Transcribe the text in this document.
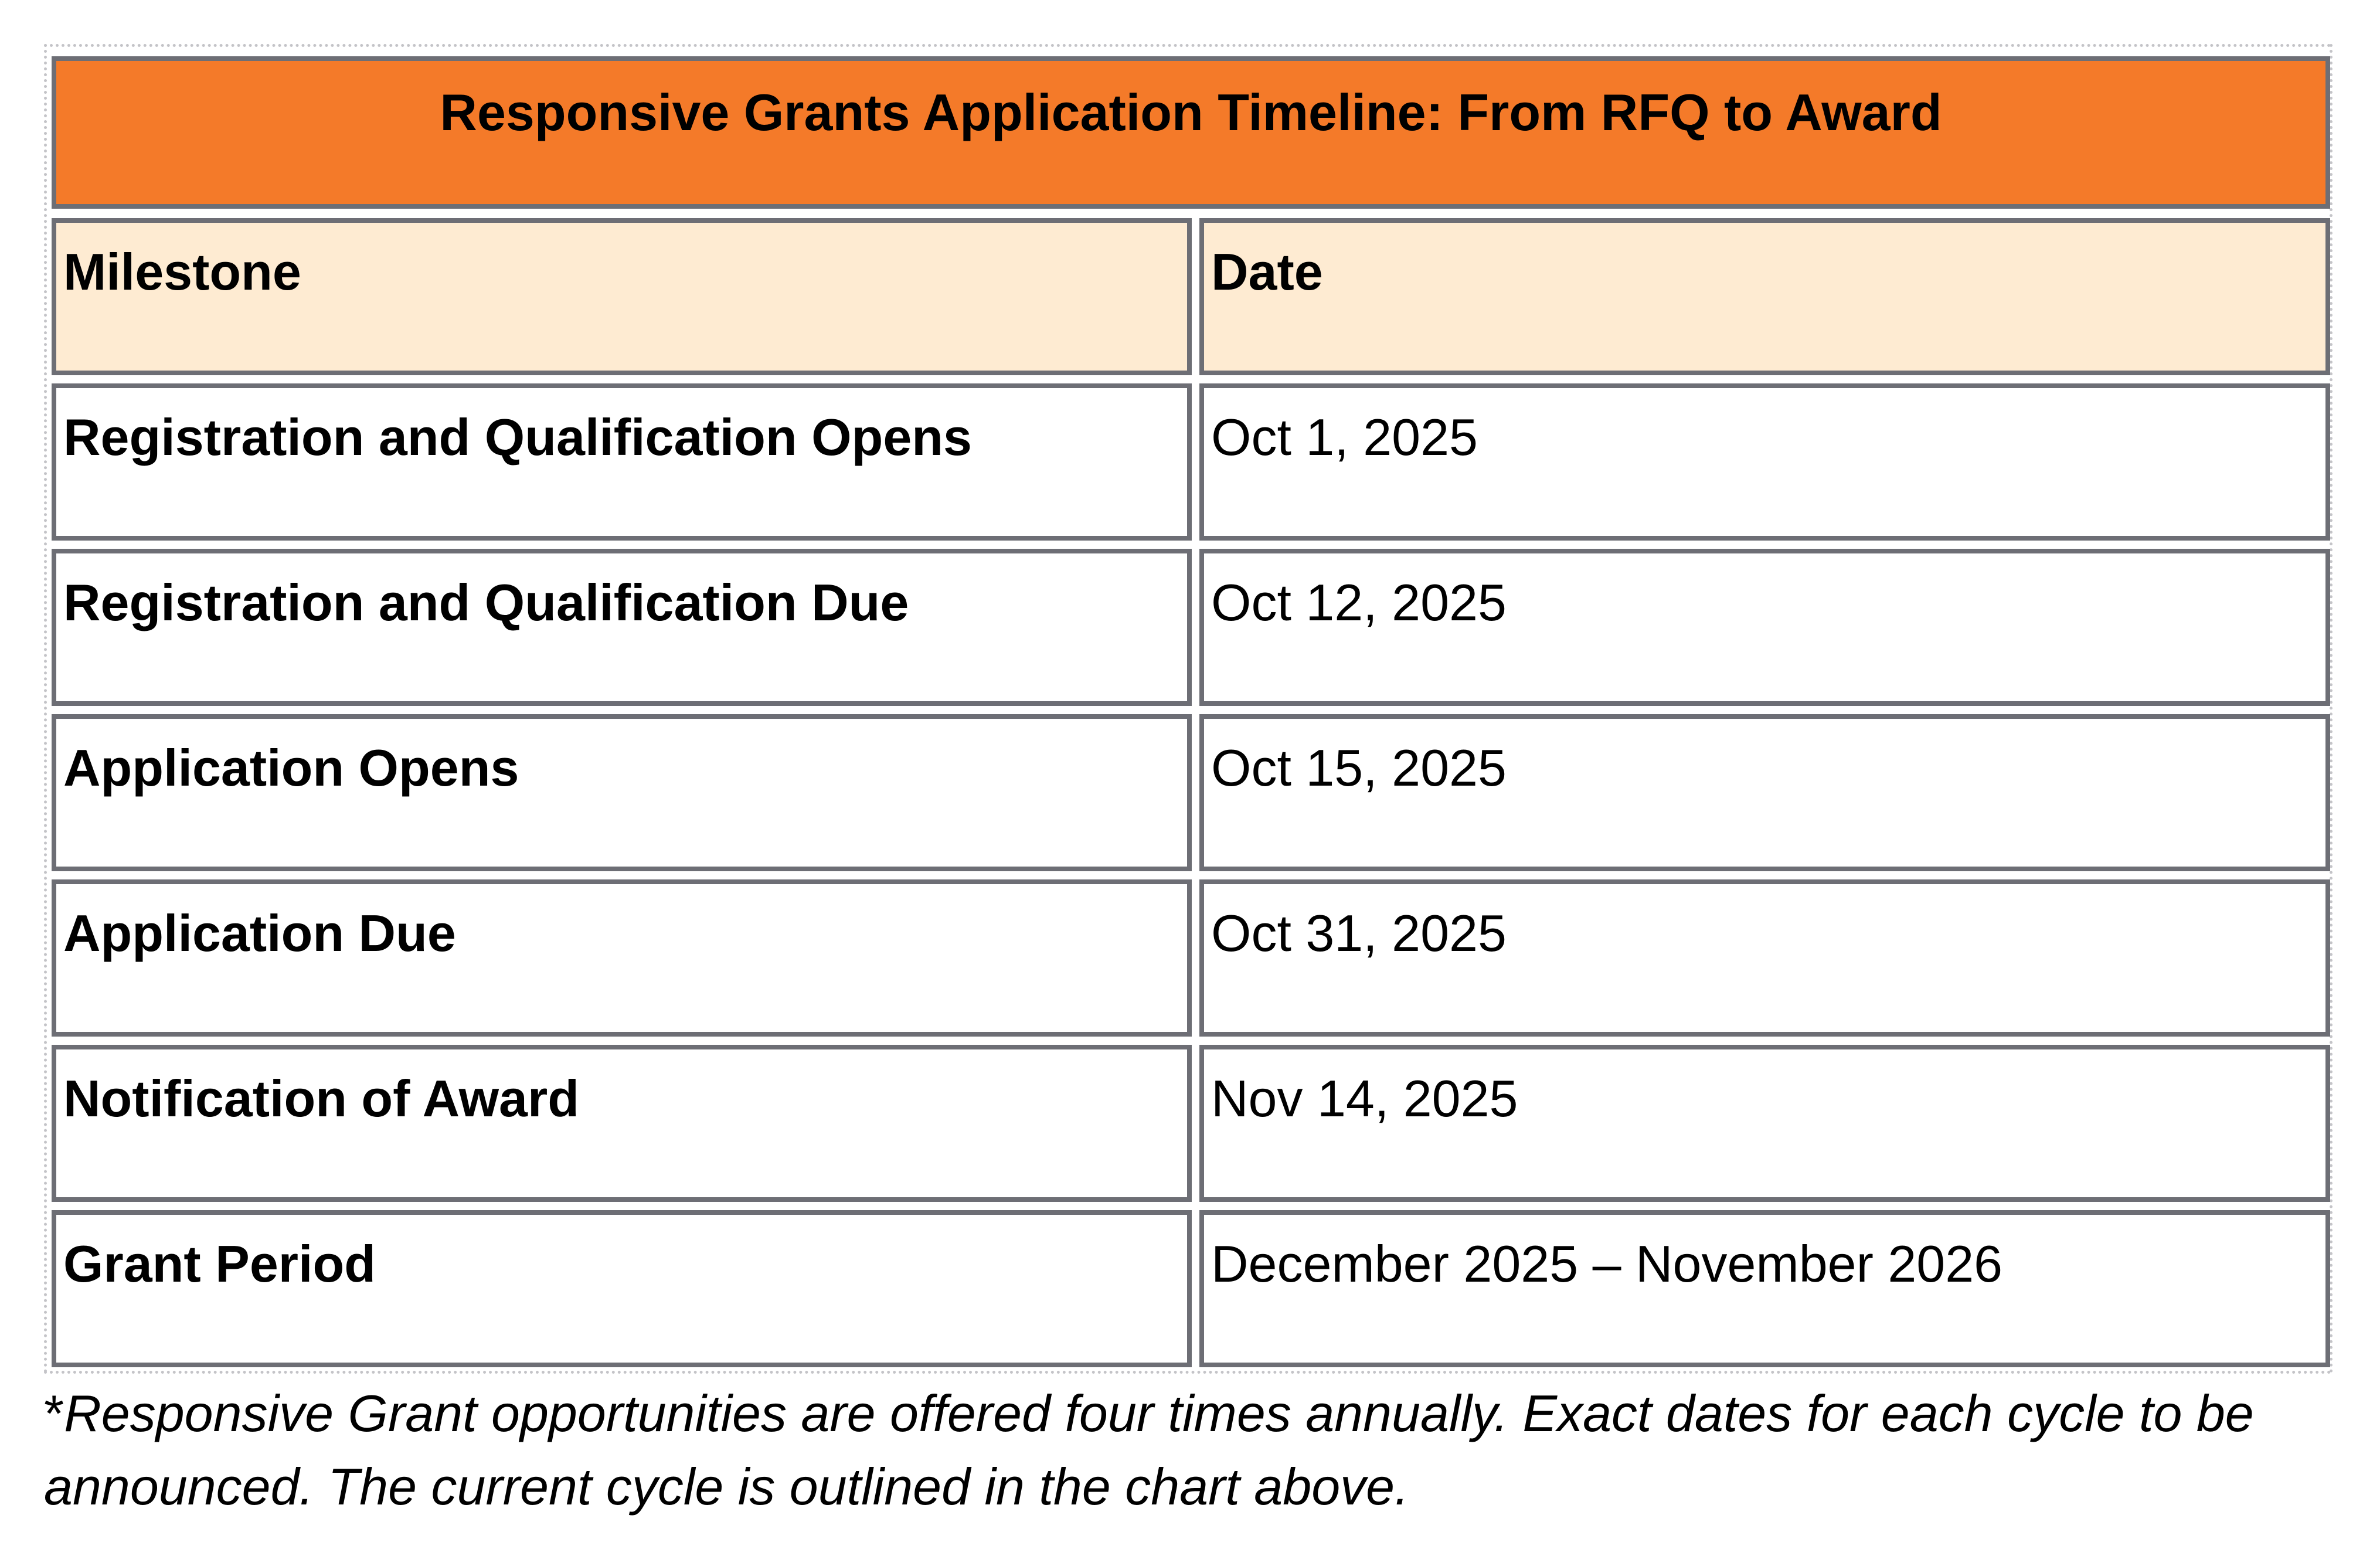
Responsive Grants Application Timeline: From RFQ to Award
Milestone	Date
Registration and Qualification Opens	Oct 1, 2025
Registration and Qualification Due	Oct 12, 2025
Application Opens	Oct 15, 2025
Application Due	Oct 31, 2025
Notification of Award	Nov 14, 2025
Grant Period	December 2025 – November 2026
*Responsive Grant opportunities are offered four times annually. Exact dates for each cycle to be announced. The current cycle is outlined in the chart above.
